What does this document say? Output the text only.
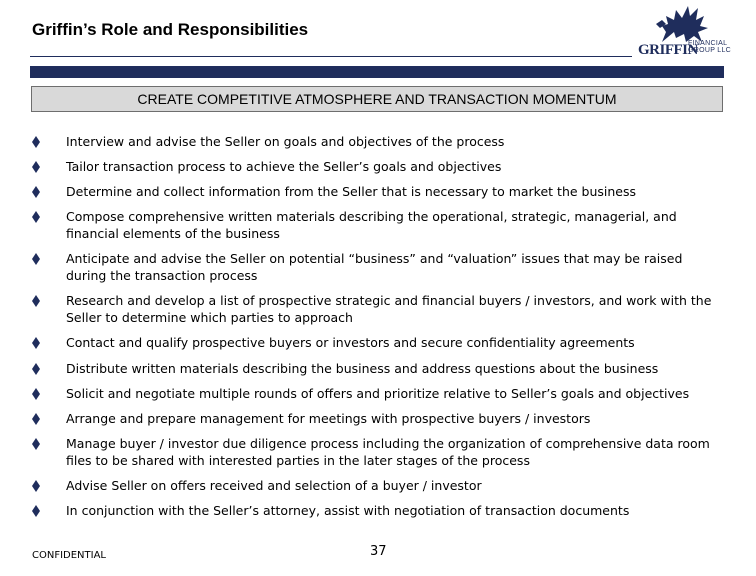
Griffin’s Role and Responsibilities
GRIFFIN
FINANCIAL
GROUP LLC
CREATE COMPETITIVE ATMOSPHERE AND TRANSACTION MOMENTUM
Interview and advise the Seller on goals and objectives of the process
Tailor transaction process to achieve the Seller’s goals and objectives
Determine and collect information from the Seller that is necessary to market the business
Compose comprehensive written materials describing the operational, strategic, managerial, and financial elements of the business
Anticipate and advise the Seller on potential “business” and “valuation” issues that may be raised during the transaction process
Research and develop a list of prospective strategic and financial buyers / investors, and work with the Seller to determine which parties to approach
Contact and qualify prospective buyers or investors and secure confidentiality agreements
Distribute written materials describing the business and address questions about the business
Solicit and negotiate multiple rounds of offers and prioritize relative to Seller’s goals and objectives
Arrange and prepare management for meetings with prospective buyers / investors
Manage buyer / investor due diligence process including the organization of comprehensive data room files to be shared with interested parties in the later stages of the process
Advise Seller on offers received and selection of a buyer / investor
In conjunction with the Seller’s attorney, assist with negotiation of transaction documents
CONFIDENTIAL	37
